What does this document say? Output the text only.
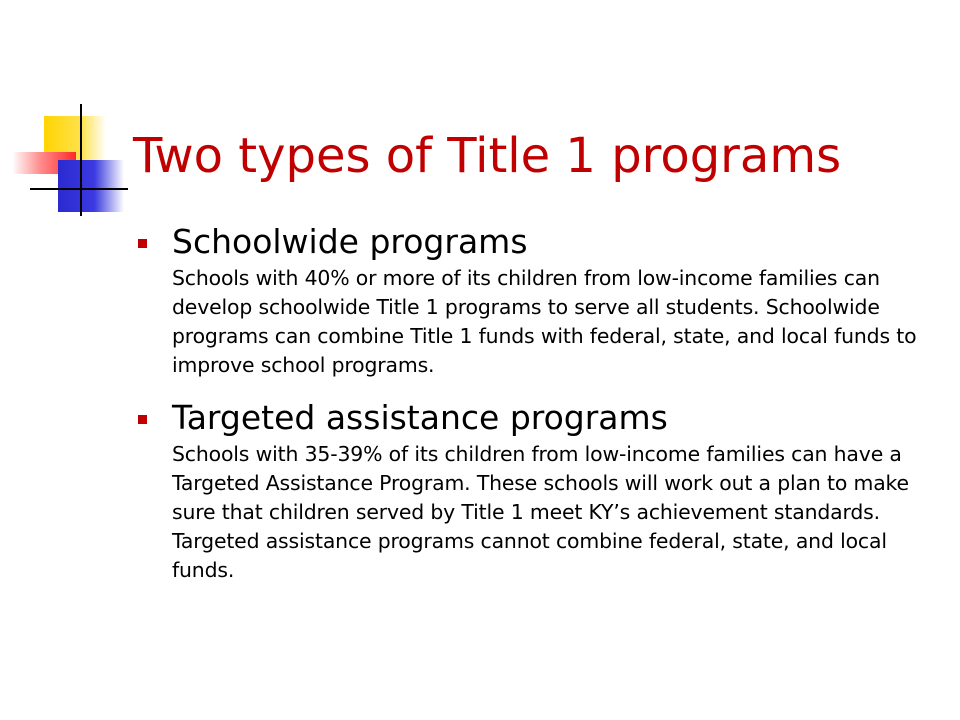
Two types of Title 1 programs
Schoolwide programs
Schools with 40% or more of its children from low-income families can develop schoolwide Title 1 programs to serve all students. Schoolwide programs can combine Title 1 funds with federal, state, and local funds to improve school programs.
Targeted assistance programs
Schools with 35-39% of its children from low-income families can have a Targeted Assistance Program. These schools will work out a plan to make sure that children served by Title 1 meet KY’s achievement standards. Targeted assistance programs cannot combine federal, state, and local funds.
